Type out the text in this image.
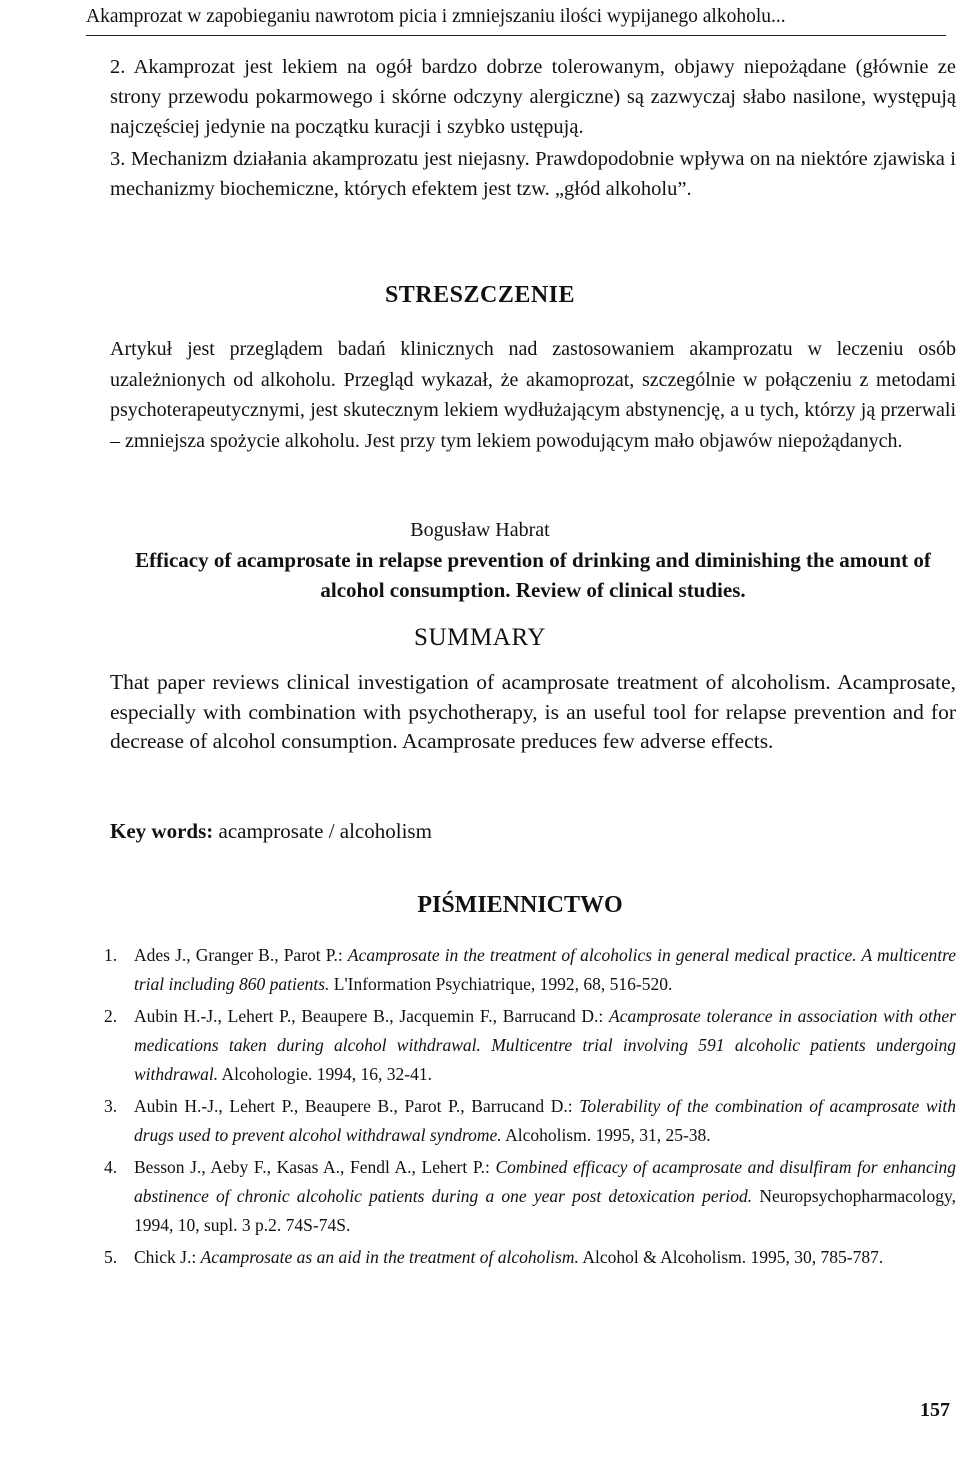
Akamprozat w zapobieganiu nawrotom picia i zmniejszaniu ilości wypijanego alkoholu...

2. Akamprozat jest lekiem na ogół bardzo dobrze tolerowanym, objawy niepożądane (głównie ze strony przewodu pokarmowego i skórne odczyny alergiczne) są zazwyczaj słabo nasilone, występują najczęściej jedynie na początku kuracji i szybko ustępują.

3. Mechanizm działania akamprozatu jest niejasny. Prawdopodobnie wpływa on na niektóre zjawiska i mechanizmy biochemiczne, których efektem jest tzw. „głód alkoholu”.

STRESZCZENIE

Artykuł jest przeglądem badań klinicznych nad zastosowaniem akamprozatu w leczeniu osób uzależnionych od alkoholu. Przegląd wykazał, że akamoprozat, szczególnie w połączeniu z metodami psychoterapeutycznymi, jest skutecznym lekiem wydłużającym abstynencję, a u tych, którzy ją przerwali – zmniejsza spożycie alkoholu. Jest przy tym lekiem powodującym mało objawów niepożądanych.

Bogusław Habrat
Efficacy of acamprosate in relapse prevention of drinking and diminishing the amount of alcohol consumption. Review of clinical studies.
SUMMARY

That paper reviews clinical investigation of acamprosate treatment of alcoholism. Acamprosate, especially with combination with psychotherapy, is an useful tool for relapse prevention and for decrease of alcohol consumption. Acamprosate preduces few adverse effects.

Key words: acamprosate / alcoholism
PIŚMIENNICTWO
1. Ades J., Granger B., Parot P.: Acamprosate in the treatment of alcoholics in general medical practice. A multicentre trial including 860 patients. L'Information Psychiatrique, 1992, 68, 516-520.
2. Aubin H.-J., Lehert P., Beaupere B., Jacquemin F., Barrucand D.: Acamprosate tolerance in association with other medications taken during alcohol withdrawal. Multicentre trial involving 591 alcoholic patients undergoing withdrawal. Alcohologie. 1994, 16, 32-41.
3. Aubin H.-J., Lehert P., Beaupere B., Parot P., Barrucand D.: Tolerability of the combination of acamprosate with drugs used to prevent alcohol withdrawal syndrome. Alcoholism. 1995, 31, 25-38.
4. Besson J., Aeby F., Kasas A., Fendl A., Lehert P.: Combined efficacy of acamprosate and disulfiram for enhancing abstinence of chronic alcoholic patients during a one year post detoxication period. Neuropsychopharmacology, 1994, 10, supl. 3 p.2. 74S-74S.
5. Chick J.: Acamprosate as an aid in the treatment of alcoholism. Alcohol & Alcoholism. 1995, 30, 785-787.
157
